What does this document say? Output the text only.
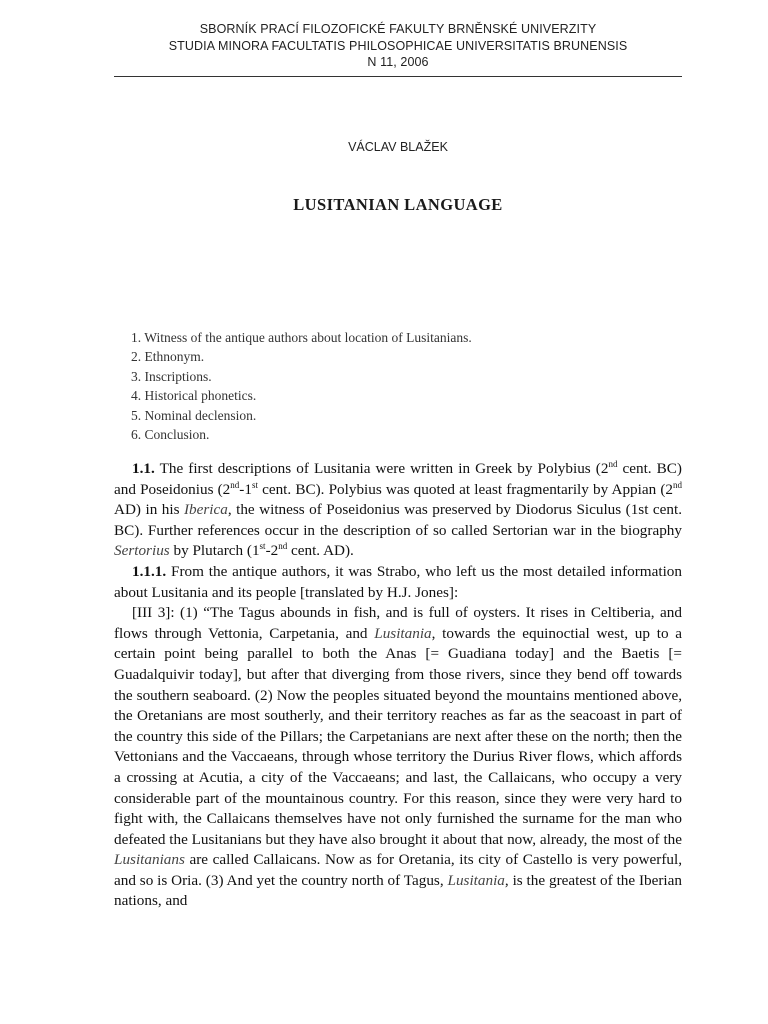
SBORNÍK PRACÍ FILOZOFICKÉ FAKULTY BRNĚNSKÉ UNIVERZITY
STUDIA MINORA FACULTATIS PHILOSOPHICAE UNIVERSITATIS BRUNENSIS
N 11, 2006
VÁCLAV BLAŽEK
LUSITANIAN LANGUAGE
1. Witness of the antique authors about location of Lusitanians.
2. Ethnonym.
3. Inscriptions.
4. Historical phonetics.
5. Nominal declension.
6. Conclusion.

1.1. The first descriptions of Lusitania were written in Greek by Polybius (2nd cent. BC) and Poseidonius (2nd-1st cent. BC). Polybius was quoted at least fragmentarily by Appian (2nd AD) in his Iberica, the witness of Poseidonius was preserved by Diodorus Siculus (1st cent. BC). Further references occur in the description of so called Sertorian war in the biography Sertorius by Plutarch (1st-2nd cent. AD).

1.1.1. From the antique authors, it was Strabo, who left us the most detailed information about Lusitania and its people [translated by H.J. Jones]:

[III 3]: (1) “The Tagus abounds in fish, and is full of oysters. It rises in Celtiberia, and flows through Vettonia, Carpetania, and Lusitania, towards the equinoctial west, up to a certain point being parallel to both the Anas [= Guadiana today] and the Baetis [= Guadalquivir today], but after that diverging from those rivers, since they bend off towards the southern seaboard. (2) Now the peoples situated beyond the mountains mentioned above, the Oretanians are most southerly, and their territory reaches as far as the seacoast in part of the country this side of the Pillars; the Carpetanians are next after these on the north; then the Vettonians and the Vaccaeans, through whose territory the Durius River flows, which affords a crossing at Acutia, a city of the Vaccaeans; and last, the Callaicans, who occupy a very considerable part of the mountainous country. For this reason, since they were very hard to fight with, the Callaicans themselves have not only furnished the surname for the man who defeated the Lusitanians but they have also brought it about that now, already, the most of the Lusitanians are called Callaicans. Now as for Oretania, its city of Castello is very powerful, and so is Oria. (3) And yet the country north of Tagus, Lusitania, is the greatest of the Iberian nations, and
